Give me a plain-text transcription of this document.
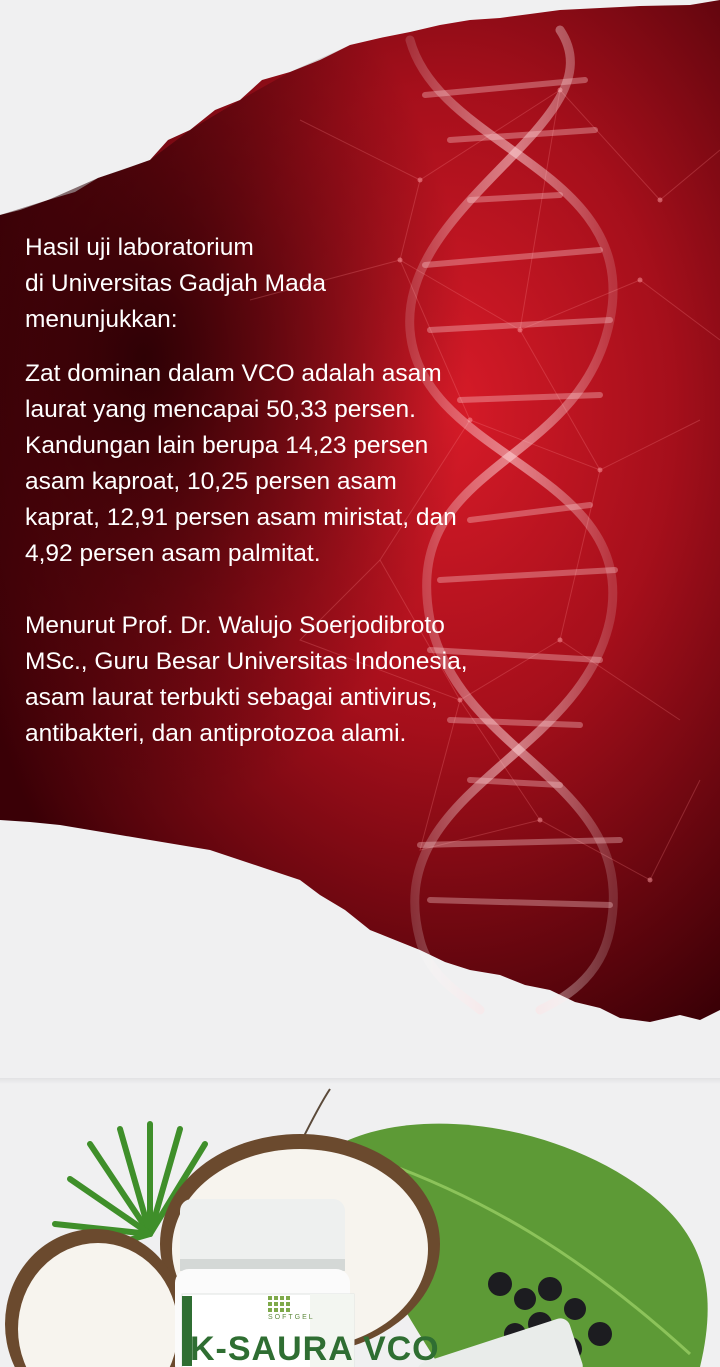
Hasil uji laboratorium
di Universitas Gadjah Mada
menunjukkan:

Zat dominan dalam VCO adalah asam
laurat yang mencapai 50,33 persen.
Kandungan lain berupa 14,23 persen
asam kaproat, 10,25 persen asam
kaprat, 12,91 persen asam miristat, dan
4,92 persen asam palmitat.

Menurut Prof. Dr. Walujo Soerjodibroto
MSc., Guru Besar Universitas Indonesia,
asam laurat terbukti sebagai antivirus,
antibakteri, dan antiprotozoa alami.

SOFTGEL
K-SAURA VCO
